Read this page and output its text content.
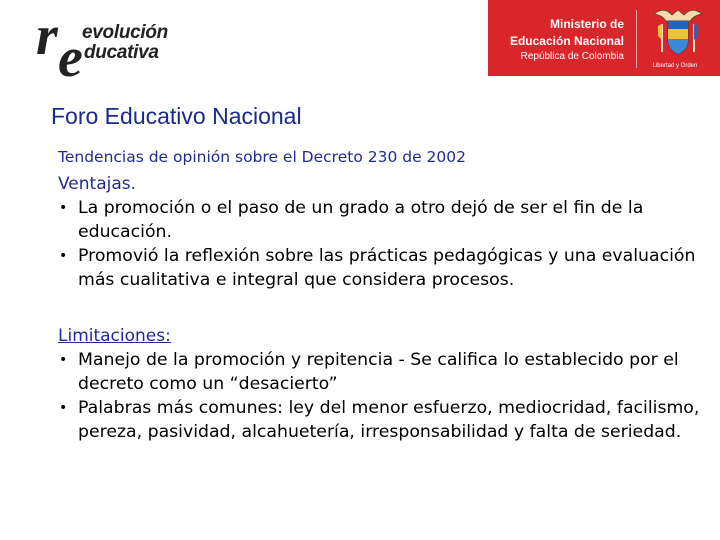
r evolución
e ducativa
Ministerio de
Educación Nacional
República de Colombia
Libertad y Orden
Foro Educativo Nacional
Tendencias de opinión sobre el Decreto 230 de 2002
Ventajas.
• La promoción o el paso de un grado a otro dejó de ser el fin de la educación.
• Promovió la reflexión sobre las prácticas pedagógicas y una evaluación más cualitativa e integral que considera procesos.
Limitaciones:
• Manejo de la promoción y repitencia - Se califica lo establecido por el decreto como un “desacierto”
• Palabras más comunes: ley del menor esfuerzo, mediocridad, facilismo, pereza, pasividad, alcahuetería, irresponsabilidad y falta de seriedad.
